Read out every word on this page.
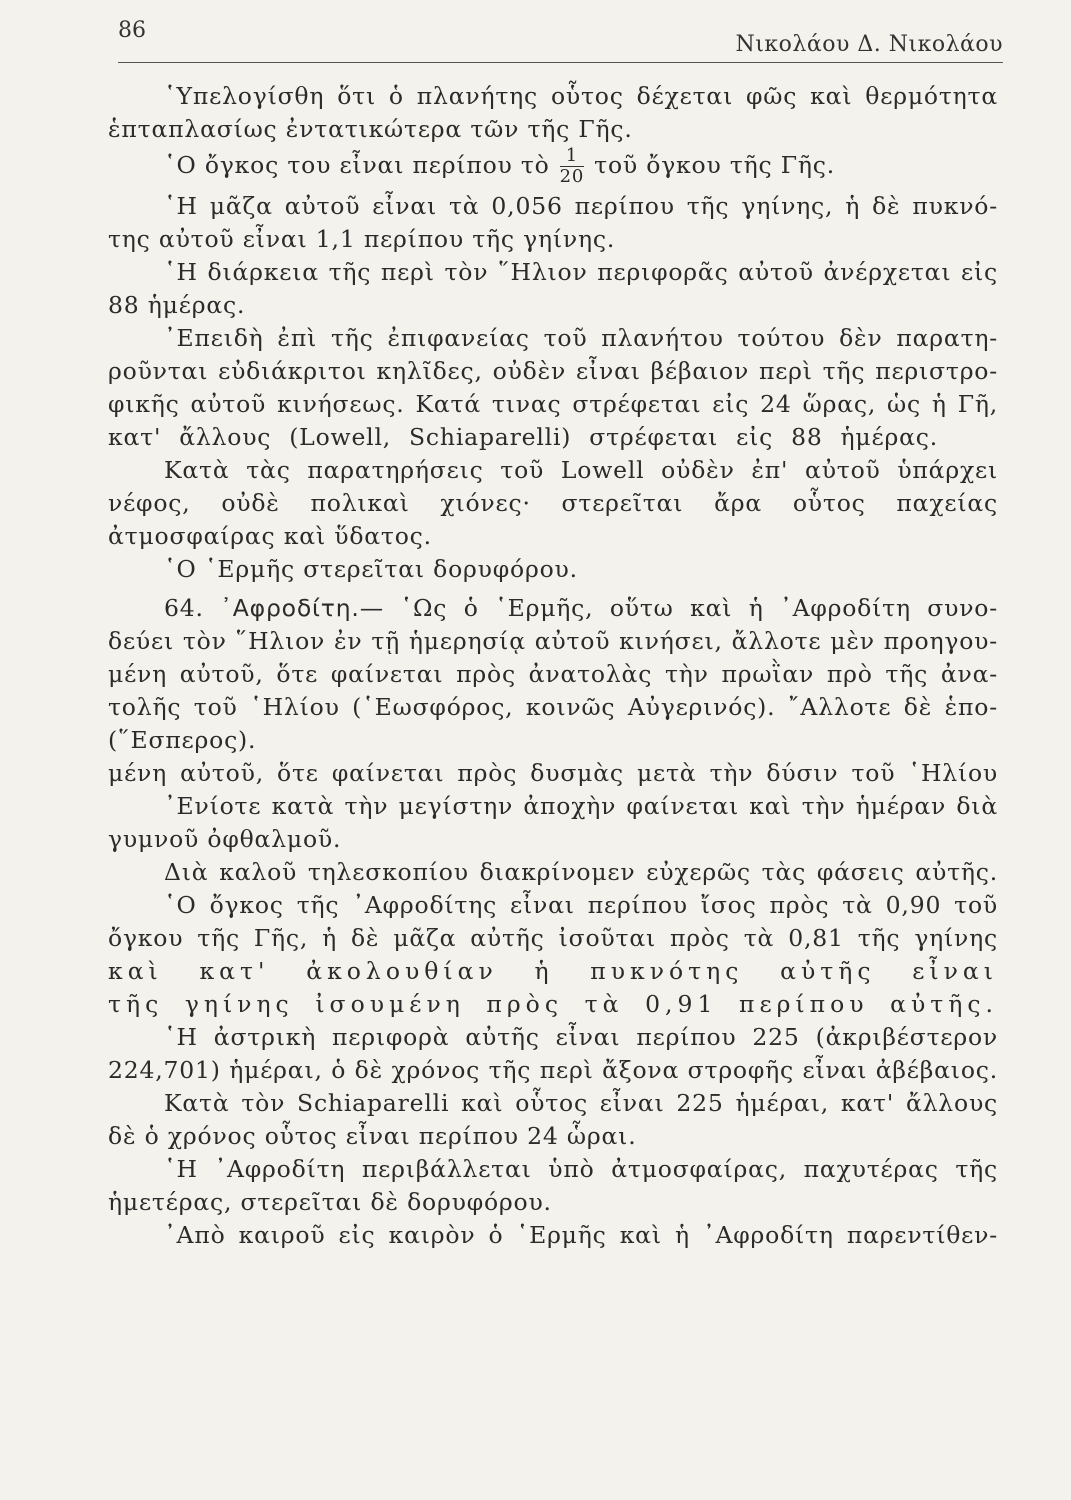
86
Νικολάου Δ. Νικολάου
῾Υπελογίσθη ὅτι ὁ πλανήτης οὗτος δέχεται φῶς καὶ θερμότητα
ἑπταπλασίως ἐντατικώτερα τῶν τῆς Γῆς.
῾Ο ὄγκος του εἶναι περίπου τὸ $\frac{1}{20}$ τοῦ ὄγκου τῆς Γῆς.
῾Η μᾶζα αὐτοῦ εἶναι τὰ 0,056 περίπου τῆς γηίνης, ἡ δὲ πυκνό-
της αὐτοῦ εἶναι 1,1 περίπου τῆς γηίνης.
῾Η διάρκεια τῆς περὶ τὸν ῞Ηλιον περιφορᾶς αὐτοῦ ἀνέρχεται εἰς
88 ἡμέρας.
᾿Επειδὴ ἐπὶ τῆς ἐπιφανείας τοῦ πλανήτου τούτου δὲν παρατη-
ροῦνται εὐδιάκριτοι κηλῖδες, οὐδὲν εἶναι βέβαιον περὶ τῆς περιστρο-
φικῆς αὐτοῦ κινήσεως. Κατά τινας στρέφεται εἰς 24 ὥρας, ὡς ἡ Γῆ,
κατ' ἄλλους (Lowell, Schiaparelli) στρέφεται εἰς 88 ἡμέρας.
Κατὰ τὰς παρατηρήσεις τοῦ Lowell οὐδὲν ἐπ' αὐτοῦ ὑπάρχει
νέφος, οὐδὲ πολικαὶ χιόνες· στερεῖται ἄρα οὗτος παχείας
ἀτμοσφαίρας καὶ ὕδατος.
῾Ο ῾Ερμῆς στερεῖται δορυφόρου.
64. ᾿Αφροδίτη.— ῾Ως ὁ ῾Ερμῆς, οὕτω καὶ ἡ ᾿Αφροδίτη συνο-
δεύει τὸν ῞Ηλιον ἐν τῇ ἡμερησίᾳ αὐτοῦ κινήσει, ἄλλοτε μὲν προηγου-
μένη αὐτοῦ, ὅτε φαίνεται πρὸς ἀνατολὰς τὴν πρωῒαν πρὸ τῆς ἀνα-
τολῆς τοῦ ῾Ηλίου (῾Εωσφόρος, κοινῶς Αὐγερινός). ῎Αλλοτε δὲ ἑπο-
(῞Εσπερος).
μένη αὐτοῦ, ὅτε φαίνεται πρὸς δυσμὰς μετὰ τὴν δύσιν τοῦ ῾Ηλίου
᾿Ενίοτε κατὰ τὴν μεγίστην ἀποχὴν φαίνεται καὶ τὴν ἡμέραν διὰ
γυμνοῦ ὀφθαλμοῦ.
Διὰ καλοῦ τηλεσκοπίου διακρίνομεν εὐχερῶς τὰς φάσεις αὐτῆς.
῾Ο ὄγκος τῆς ᾿Αφροδίτης εἶναι περίπου ἴσος πρὸς τὰ 0,90 τοῦ
ὄγκου τῆς Γῆς, ἡ δὲ μᾶζα αὐτῆς ἰσοῦται πρὸς τὰ 0,81 τῆς γηίνης
καὶ κατ' ἀκολουθίαν ἡ πυκνότης αὐτῆς εἶναι
τῆς γηίνης ἰσουμένη πρὸς τὰ 0,91 περίπου αὐτῆς.
῾Η ἀστρικὴ περιφορὰ αὐτῆς εἶναι περίπου 225 (ἀκριβέστερον
224,701) ἡμέραι, ὁ δὲ χρόνος τῆς περὶ ἄξονα στροφῆς εἶναι ἀβέβαιος.
Κατὰ τὸν Schiaparelli καὶ οὗτος εἶναι 225 ἡμέραι, κατ' ἄλλους
δὲ ὁ χρόνος οὗτος εἶναι περίπου 24 ὧραι.
῾Η ᾿Αφροδίτη περιβάλλεται ὑπὸ ἀτμοσφαίρας, παχυτέρας τῆς
ἡμετέρας, στερεῖται δὲ δορυφόρου.
᾿Απὸ καιροῦ εἰς καιρὸν ὁ ῾Ερμῆς καὶ ἡ ᾿Αφροδίτη παρεντίθεν-
